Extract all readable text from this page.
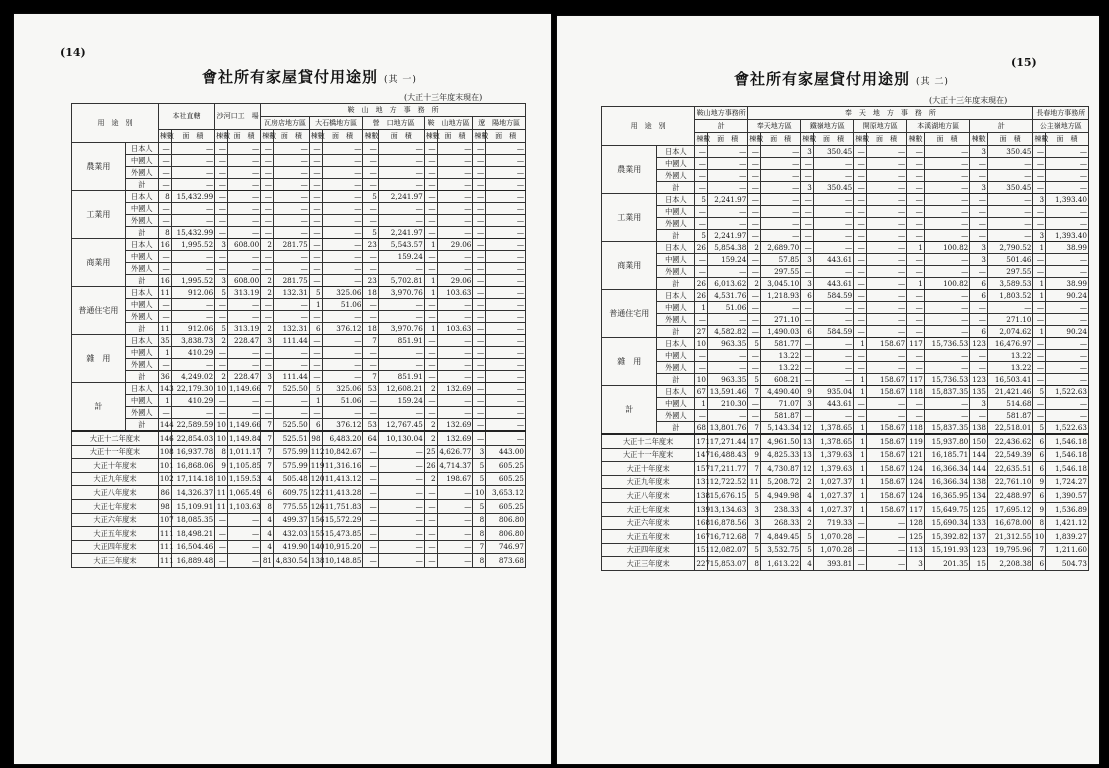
(14)
會社所有家屋貸付用途別 (其 一)
(大正十三年度末現在)
用　途　別		本社直轄		沙河口工　場		鞍　山　地　方　事　務　所									
						瓦房店地方區		大石橋地方區		營　口地方區		鞍　山地方區		遼　陽地方區	
		棟數	面　積	棟數	面　積	棟數	面　積	棟數	面　積	棟數	面　積	棟數	面　積	棟數	面　積
農業用	日本人	—	—	—	—	—	—	—	—	—	—	—	—	—	—
	中國人	—	—	—	—	—	—	—	—	—	—	—	—	—	—
	外國人	—	—	—	—	—	—	—	—	—	—	—	—	—	—
	計	—	—	—	—	—	—	—	—	—	—	—	—	—	—
工業用	日本人	8	15,432.99	—	—	—	—	—	—	5	2,241.97	—	—	—	—
	中國人	—	—	—	—	—	—	—	—	—	—	—	—	—	—
	外國人	—	—	—	—	—	—	—	—	—	—	—	—	—	—
	計	8	15,432.99	—	—	—	—	—	—	5	2,241.97	—	—	—	—
商業用	日本人	16	1,995.52	3	608.00	2	281.75	—	—	23	5,543.57	1	29.06	—	—
	中國人	—	—	—	—	—	—	—	—	—	159.24	—	—	—	—
	外國人	—	—	—	—	—	—	—	—	—	—	—	—	—	—
	計	16	1,995.52	3	608.00	2	281.75	—	—	23	5,702.81	1	29.06	—	—
普通住宅用	日本人	11	912.06	5	313.19	2	132.31	5	325.06	18	3,970.76	1	103.63	—	—
	中國人	—	—	—	—	—	—	1	51.06	—	—	—	—	—	—
	外國人	—	—	—	—	—	—	—	—	—	—	—	—	—	—
	計	11	912.06	5	313.19	2	132.31	6	376.12	18	3,970.76	1	103.63	—	—
雜　用	日本人	35	3,838.73	2	228.47	3	111.44	—	—	7	851.91	—	—	—	—
	中國人	1	410.29	—	—	—	—	—	—	—	—	—	—	—	—
	外國人	—	—	—	—	—	—	—	—	—	—	—	—	—	—
	計	36	4,249.02	2	228.47	3	111.44	—	—	7	851.91	—	—	—	—
計	日本人	143	22,179.30	10	1,149.66	7	525.50	5	325.06	53	12,608.21	2	132.69	—	—
	中國人	1	410.29	—	—	—	—	1	51.06	—	159.24	—	—	—	—
	外國人	—	—	—	—	—	—	—	—	—	—	—	—	—	—
	計	144	22,589.59	10	1,149.66	7	525.50	6	376.12	53	12,767.45	2	132.69	—	—
大正十二年度末		146	22,854.03	10	1,149.84	7	525.51	98	6,483.20	64	10,130.04	2	132.69	—	—
大正十一年度末		108	16,937.78	8	1,011.17	7	575.99	112	10,842.67	—	—	25	4,626.77	3	443.00
大正十年度末		101	16,868.06	9	1,105.85	7	575.99	119	11,316.16	—	—	26	4,714.37	5	605.25
大正九年度末		102	17,114.18	10	1,159.53	4	505.48	120	11,413.12	—	—	2	198.67	5	605.25
大正八年度末		86	14,326.37	11	1,065.49	6	609.75	122	11,413.28	—	—	—	—	10	3,653.12
大正七年度末		98	15,109.91	11	1,103.63	8	775.55	126	11,751.83	—	—	—	—	5	605.25
大正六年度末		107	18,085.35	—	—	4	499.37	156	15,572.29	—	—	—	—	8	806.80
大正五年度末		111	18,498.21	—	—	4	432.03	155	15,473.85	—	—	—	—	8	806.80
大正四年度末		111	16,504.46	—	—	4	419.90	140	10,915.20	—	—	—	—	7	746.97
大正三年度末		111	16,889.48	—	—	81	4,830.54	138	10,148.85	—	—	—	—	8	873.68
(15)
會社所有家屋貸付用途別 (其 二)
(大正十三年度末現在)
用　途　別		鞍山地方事務所		奉　天　地　方　事　務　所										長春地方事務所	
		計		奉天地方區		鐵嶺地方區		開原地方區		本溪湖地方區		計		公主嶺地方區	
		棟數	面　積	棟數	面　積	棟數	面　積	棟數	面　積	棟數	面　積	棟數	面　積	棟數	面　積
農業用	日本人	—	—	—	—	3	350.45	—	—	—	—	3	350.45	—	—
	中國人	—	—	—	—	—	—	—	—	—	—	—	—	—	—
	外國人	—	—	—	—	—	—	—	—	—	—	—	—	—	—
	計	—	—	—	—	3	350.45	—	—	—	—	3	350.45	—	—
工業用	日本人	5	2,241.97	—	—	—	—	—	—	—	—	—	—	3	1,393.40
	中國人	—	—	—	—	—	—	—	—	—	—	—	—	—	—
	外國人	—	—	—	—	—	—	—	—	—	—	—	—	—	—
	計	5	2,241.97	—	—	—	—	—	—	—	—	—	—	3	1,393.40
商業用	日本人	26	5,854.38	2	2,689.70	—	—	—	—	1	100.82	3	2,790.52	1	38.99
	中國人	—	159.24	—	57.85	3	443.61	—	—	—	—	3	501.46	—	—
	外國人	—	—	—	297.55	—	—	—	—	—	—	—	297.55	—	—
	計	26	6,013.62	2	3,045.10	3	443.61	—	—	1	100.82	6	3,589.53	1	38.99
普通住宅用	日本人	26	4,531.76	—	1,218.93	6	584.59	—	—	—	—	6	1,803.52	1	90.24
	中國人	1	51.06	—	—	—	—	—	—	—	—	—	—	—	—
	外國人	—	—	—	271.10	—	—	—	—	—	—	—	271.10	—	—
	計	27	4,582.82	—	1,490.03	6	584.59	—	—	—	—	6	2,074.62	1	90.24
雜　用	日本人	10	963.35	5	581.77	—	—	1	158.67	117	15,736.53	123	16,476.97	—	—
	中國人	—	—	—	13.22	—	—	—	—	—	—	—	13.22	—	—
	外國人	—	—	—	13.22	—	—	—	—	—	—	—	13.22	—	—
	計	10	963.35	5	608.21	—	—	1	158.67	117	15,736.53	123	16,503.41	—	—
計	日本人	67	13,591.46	7	4,490.40	9	935.04	1	158.67	118	15,837.35	135	21,421.46	5	1,522.63
	中國人	1	210.30	—	71.07	3	443.61	—	—	—	—	3	514.68	—	—
	外國人	—	—	—	581.87	—	—	—	—	—	—	—	581.87	—	—
	計	68	13,801.76	7	5,143.34	12	1,378.65	1	158.67	118	15,837.35	138	22,518.01	5	1,522.63
大正十二年度末		171	17,271.44	17	4,961.50	13	1,378.65	1	158.67	119	15,937.80	150	22,436.62	6	1,546.18
大正十一年度末		147	16,488.43	9	4,825.33	13	1,379.63	1	158.67	121	16,185.71	144	22,549.39	6	1,546.18
大正十年度末		157	17,211.77	7	4,730.87	12	1,379.63	1	158.67	124	16,366.34	144	22,635.51	6	1,546.18
大正九年度末		131	12,722.52	11	5,208.72	2	1,027.37	1	158.67	124	16,366.34	138	22,761.10	9	1,724.27
大正八年度末		138	15,676.15	5	4,949.98	4	1,027.37	1	158.67	124	16,365.95	134	22,488.97	6	1,390.57
大正七年度末		139	13,134.63	3	238.33	4	1,027.37	1	158.67	117	15,649.75	125	17,695.12	9	1,536.89
大正六年度末		168	16,878.56	3	268.33	2	719.33	—	—	128	15,690.34	133	16,678.00	8	1,421.12
大正五年度末		167	16,712.68	7	4,849.45	5	1,070.28	—	—	125	15,392.82	137	21,312.55	10	1,839.27
大正四年度末		151	12,082.07	5	3,532.75	5	1,070.28	—	—	113	15,191.93	123	19,795.96	7	1,211.60
大正三年度末		227	15,853.07	8	1,613.22	4	393.81	—	—	3	201.35	15	2,208.38	6	504.73
